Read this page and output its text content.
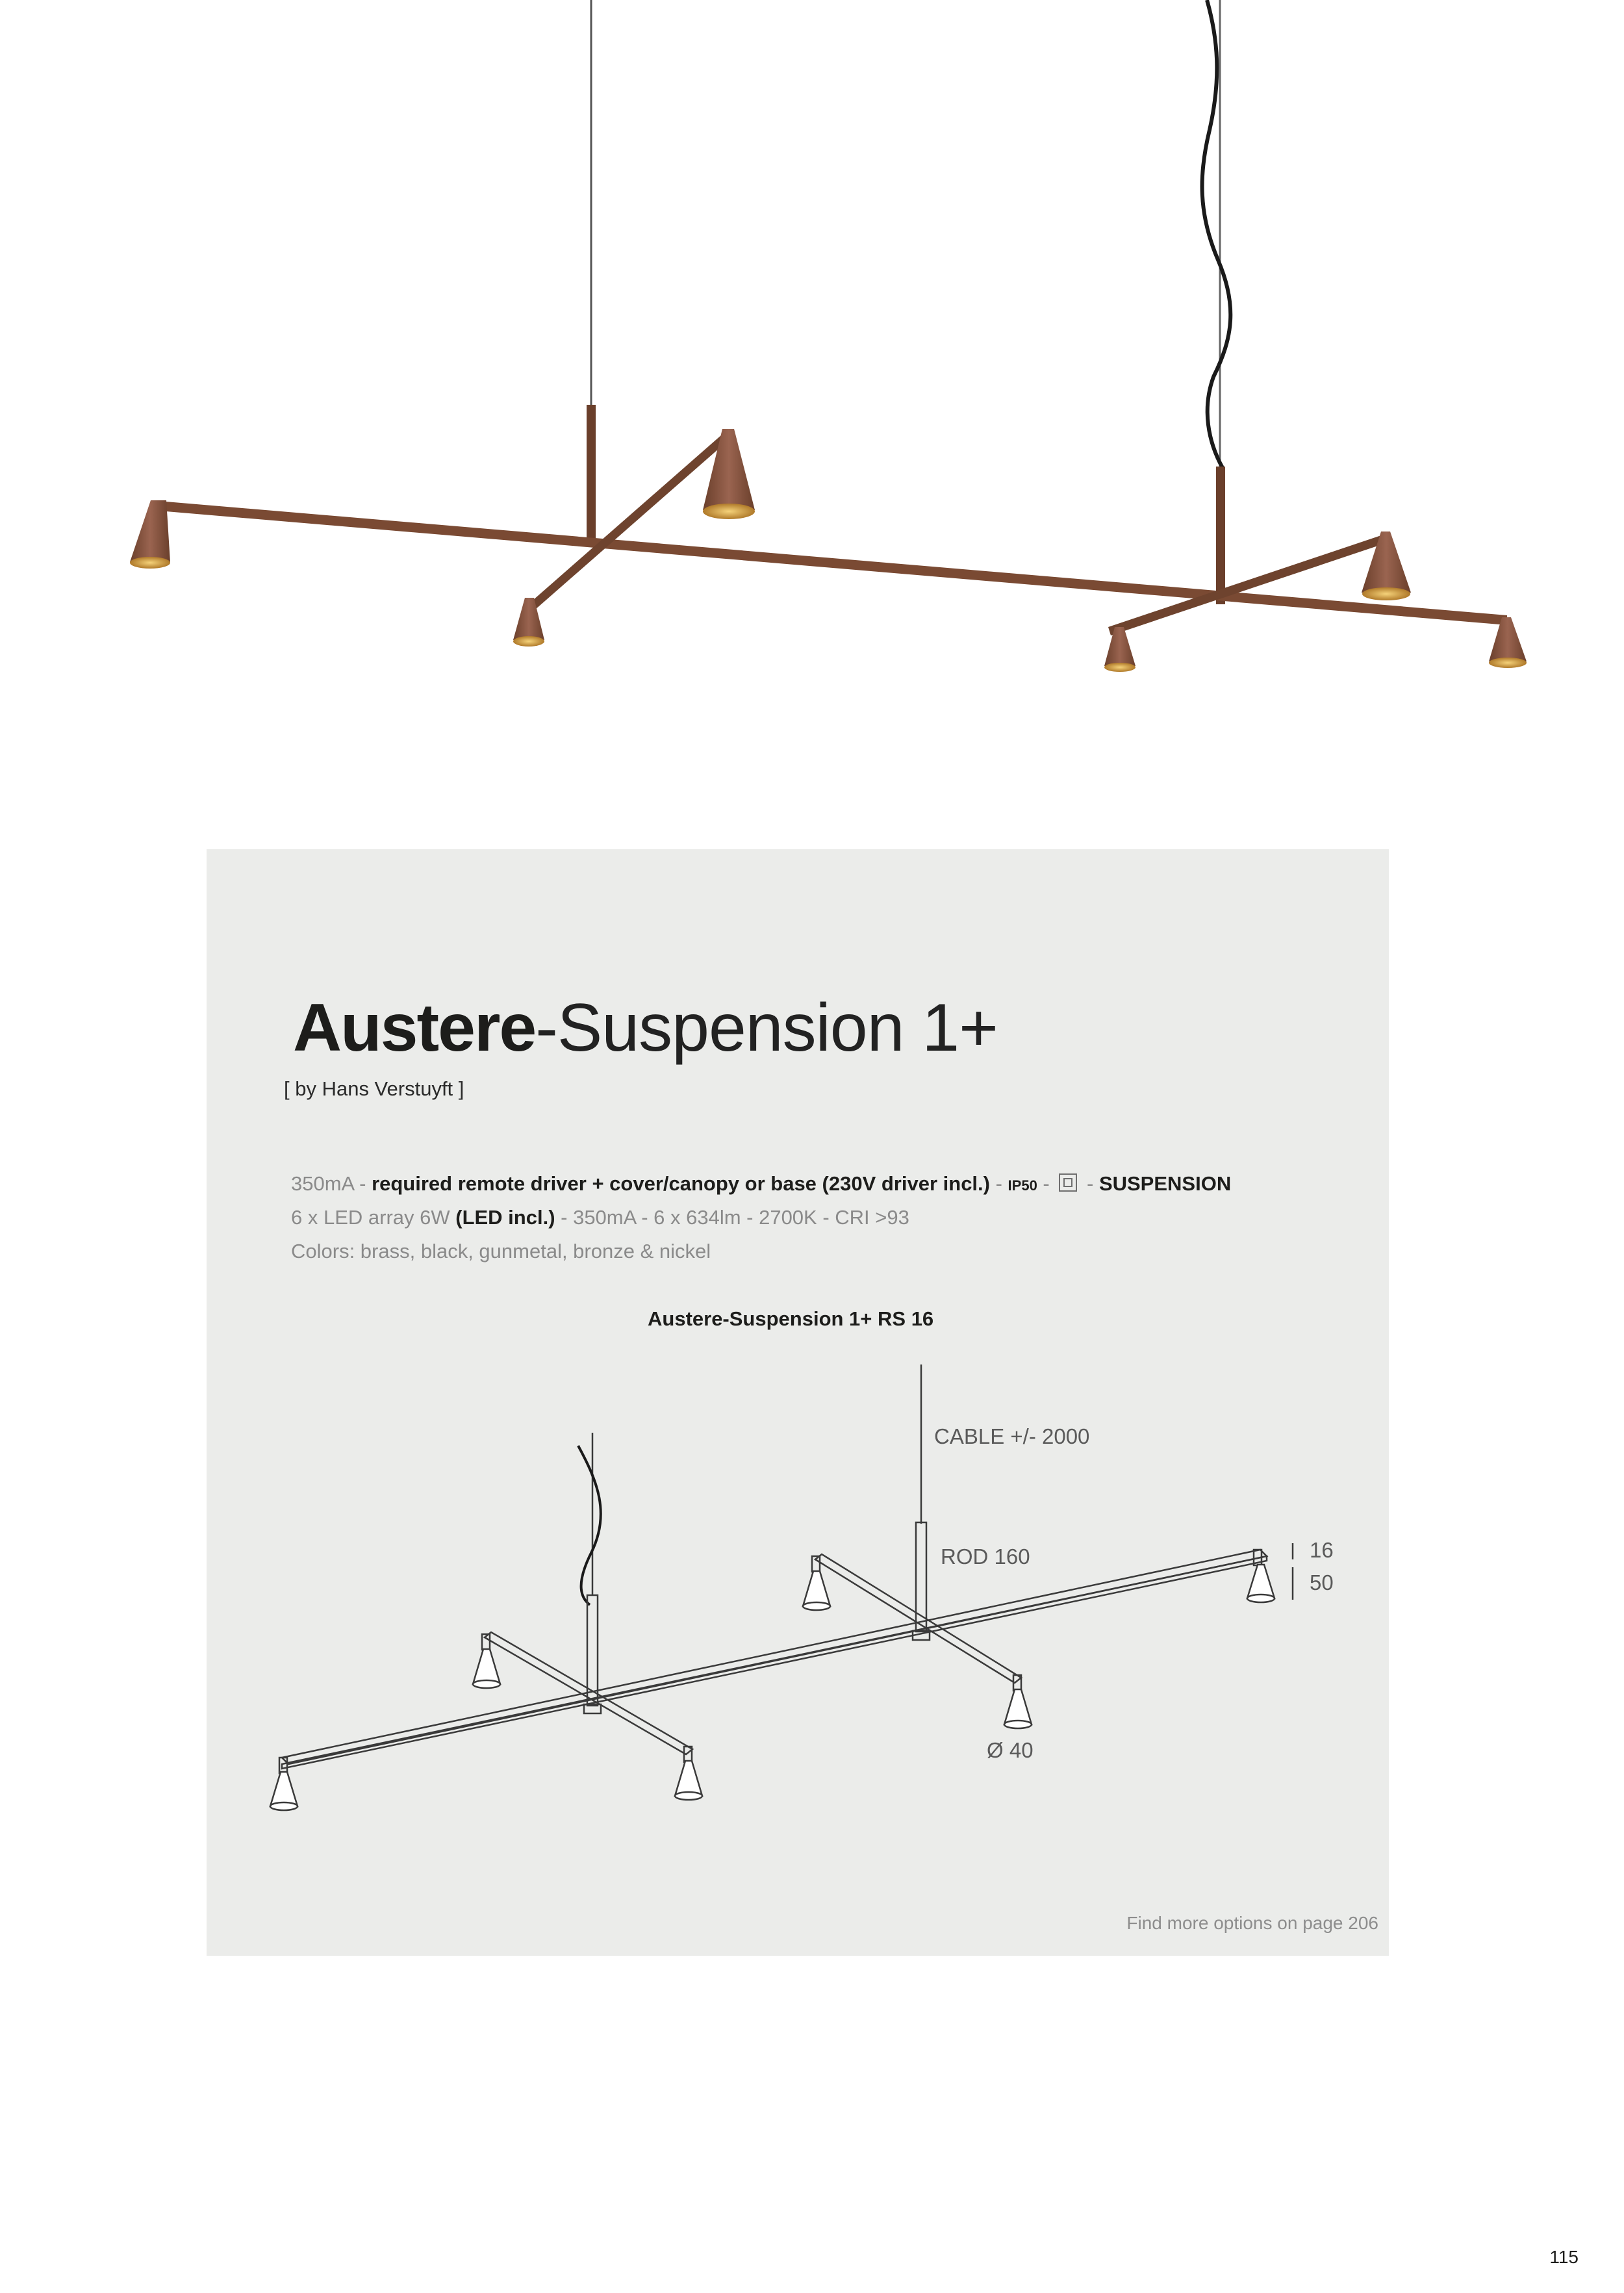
Austere-Suspension 1+
[ by Hans Verstuyft ]
350mA - required remote driver + cover/canopy or base (230V driver incl.) - IP50 -  - SUSPENSION
6 x LED array 6W (LED incl.) - 350mA - 6 x 634lm - 2700K - CRI >93
Colors: brass, black, gunmetal, bronze & nickel
Austere-Suspension 1+ RS 16
CABLE +/- 2000
ROD 160	16
50
Ø 40
Find more options on page 206
115
